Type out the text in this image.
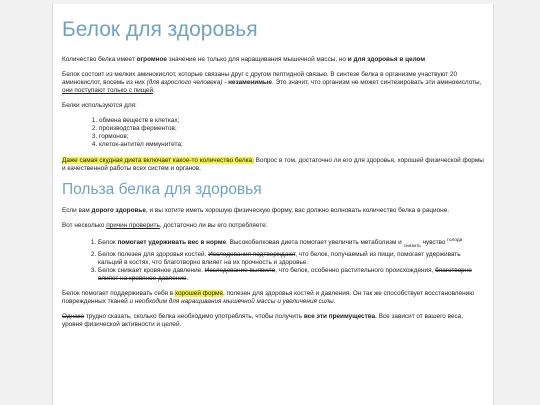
Белок для здоровья

Количество белка имеет огромное значение не только для наращивания мышечной массы, но и для здоровья в целом

Белок состоит из мелких аминокислот, которые связаны друг с другом пептидной связью. В синтезе белка в организме участвуют 20 аминокислот, восемь из них (для взрослого человека) - незаменимые. Это значит, что организм не может синтезировать эти аминокислоты, они поступают только с пищей.

Белки используются для:

1. обмена веществ в клетках;
2. производства ферментов;
3. гормонов;
4. клеток-антител иммунитета;

Даже самая скудная диета включает какое-то количество белка. Вопрос в том, достаточно ли его для здоровья, хорошей физической формы и качественной работы всех систем и органов.

Польза белка для здоровья

Если вам дорого здоровье, и вы хотите иметь хорошую физическую форму, вас должно волновать количество белка в рационе.

Вот несколько причин проверить, достаточно ли вы его потребляете:

1. Белок помогает удерживать вес в норме. Высокобелковая диета помогает увеличить метаболизм и $_{снизить}$ чувство $^{голода}$
2. Белок полезен для здоровья костей. Исследования подтверждают, что белок, получаемый из пищи, помогает удерживать кальций в костях, что благотворно влияет на их прочность и здоровье.
3. Белок снижает кровяное давление. Исследование выявило, что белок, особенно растительного происхождения, благотворно влияет на кровяное давление.

Белок помогает поддерживать себя в хорошей форме, полезен для здоровья костей и давления. Он так же способствует восстановлению поврежденных тканей и необходим для наращивания мышечной массы и увеличения силы.

Однако трудно сказать, сколько белка необходимо употреблять, чтобы получить все эти преимущества. Все зависит от вашего веса, уровня физической активности и целей.
